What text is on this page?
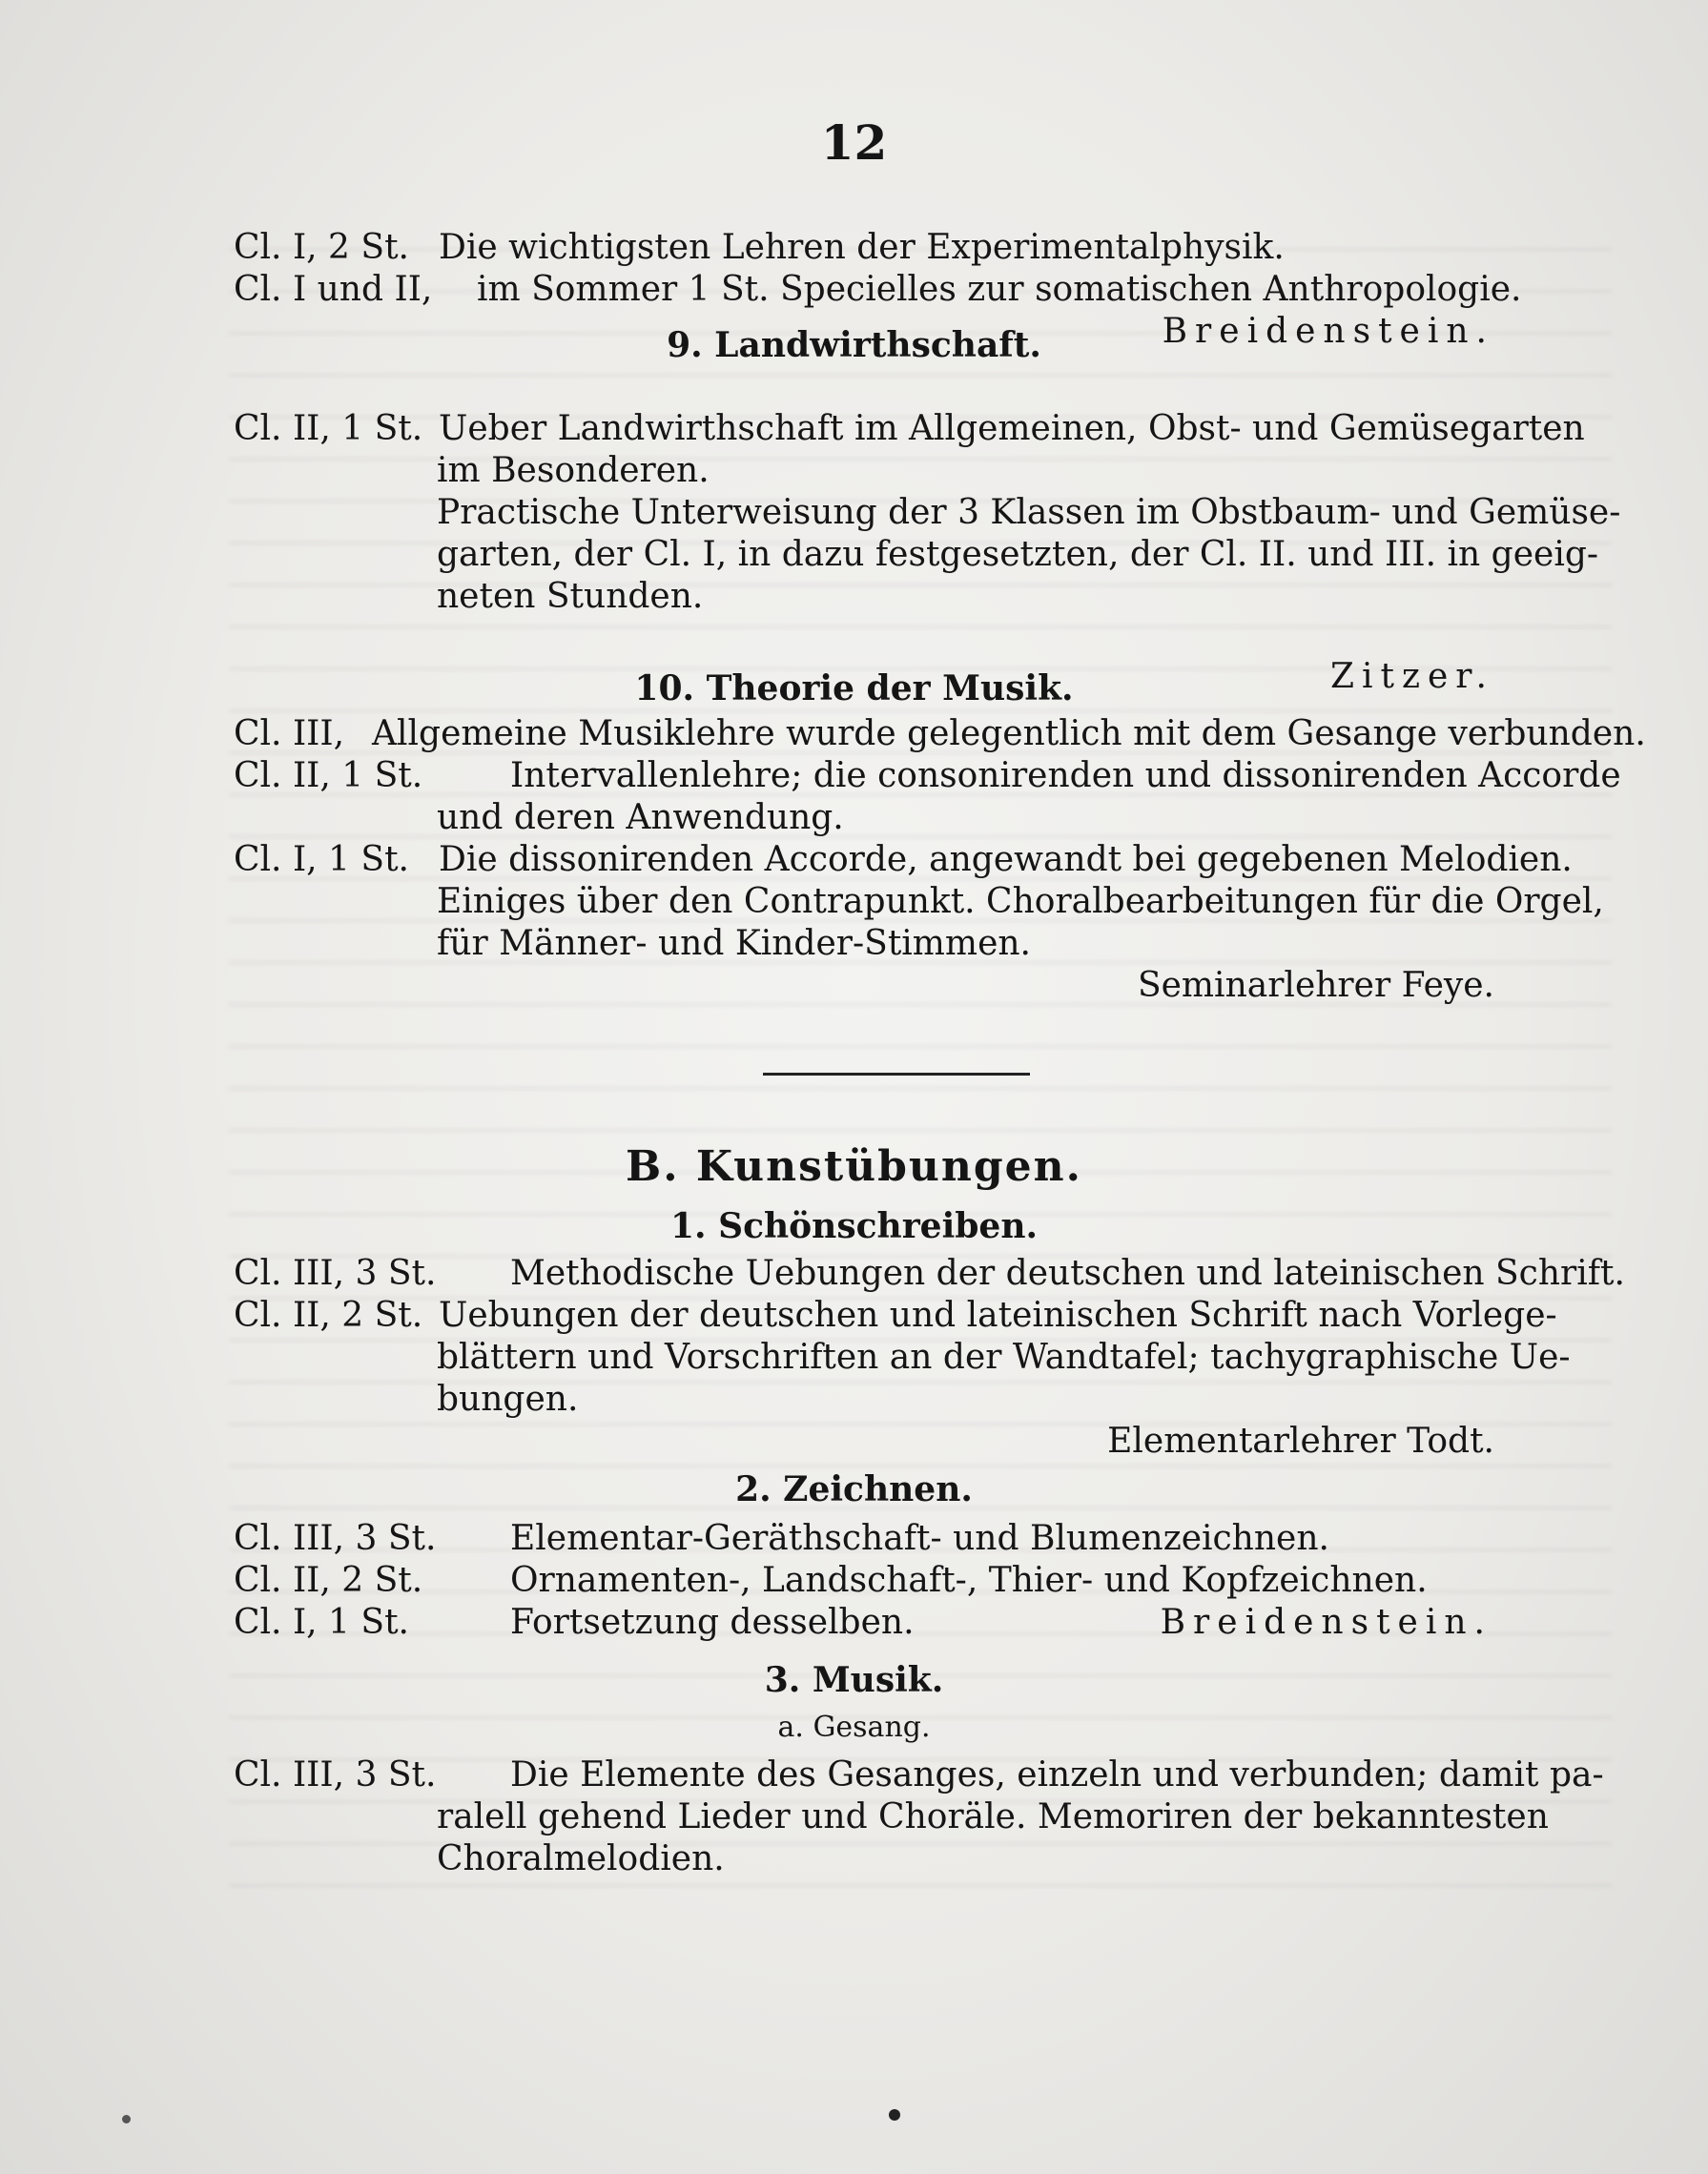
12
Cl. I, 2 St. Die wichtigsten Lehren der Experimentalphysik.
Cl. I und II, im Sommer 1 St. Specielles zur somatischen Anthropologie.
Breidenstein.
9. Landwirthschaft.
Cl. II, 1 St. Ueber Landwirthschaft im Allgemeinen, Obst- und Gemüsegarten
im Besonderen.
Practische Unterweisung der 3 Klassen im Obstbaum- und Gemüse-
garten, der Cl. I, in dazu festgesetzten, der Cl. II. und III. in geeig-
neten Stunden.
Zitzer.
10. Theorie der Musik.
Cl. III, Allgemeine Musiklehre wurde gelegentlich mit dem Gesange verbunden.
Cl. II, 1 St.	Intervallenlehre; die consonirenden und dissonirenden Accorde
und deren Anwendung.
Cl. I, 1 St. Die dissonirenden Accorde, angewandt bei gegebenen Melodien.
Einiges über den Contrapunkt. Choralbearbeitungen für die Orgel,
für Männer- und Kinder-Stimmen.
Seminarlehrer Feye.
B. Kunstübungen.
1. Schönschreiben.
Cl. III, 3 St. Methodische Uebungen der deutschen und lateinischen Schrift.
Cl. II, 2 St. Uebungen der deutschen und lateinischen Schrift nach Vorlege-
blättern und Vorschriften an der Wandtafel; tachygraphische Ue-
bungen.
Elementarlehrer Todt.
2. Zeichnen.
Cl. III, 3 St. Elementar-Geräthschaft- und Blumenzeichnen.
Cl. II, 2 St.	Ornamenten-, Landschaft-, Thier- und Kopfzeichnen.
Cl. I, 1 St.	Fortsetzung desselben.	Breidenstein.
3. Musik.
a. Gesang.
Cl. III, 3 St. Die Elemente des Gesanges, einzeln und verbunden; damit pa-
ralell gehend Lieder und Choräle. Memoriren der bekanntesten
Choralmelodien.
